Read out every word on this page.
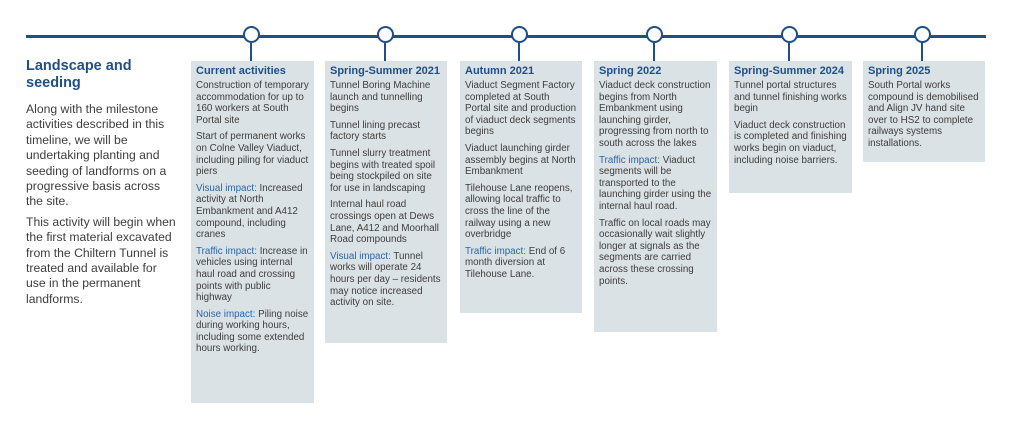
Landscape and
seeding

Along with the milestone activities described in this timeline, we will be undertaking planting and seeding of landforms on a progressive basis across the site.

This activity will begin when the first material excavated from the Chiltern Tunnel is treated and available for use in the permanent landforms.

Current activities
Construction of temporary accommodation for up to 160 workers at South Portal site
Start of permanent works on Colne Valley Viaduct, including piling for viaduct piers
Visual impact: Increased activity at North Embankment and A412 compound, including cranes
Traffic impact: Increase in vehicles using internal haul road and crossing points with public highway
Noise impact: Piling noise during working hours, including some extended hours working.
Spring-Summer 2021
Tunnel Boring Machine launch and tunnelling begins
Tunnel lining precast factory starts
Tunnel slurry treatment begins with treated spoil being stockpiled on site for use in landscaping
Internal haul road crossings open at Dews Lane, A412 and Moorhall Road compounds
Visual impact: Tunnel works will operate 24 hours per day – residents may notice increased activity on site.
Autumn 2021
Viaduct Segment Factory completed at South Portal site and production of viaduct deck segments begins
Viaduct launching girder assembly begins at North Embankment
Tilehouse Lane reopens, allowing local traffic to cross the line of the railway using a new overbridge
Traffic impact: End of 6 month diversion at Tilehouse Lane.
Spring 2022
Viaduct deck construction begins from North Embankment using launching girder, progressing from north to south across the lakes
Traffic impact: Viaduct segments will be transported to the launching girder using the internal haul road.
Traffic on local roads may occasionally wait slightly longer at signals as the segments are carried across these crossing points.
Spring-Summer 2024
Tunnel portal structures and tunnel finishing works begin
Viaduct deck construction is completed and finishing works begin on viaduct, including noise barriers.
Spring 2025
South Portal works compound is demobilised and Align JV hand site over to HS2 to complete railways systems installations.
